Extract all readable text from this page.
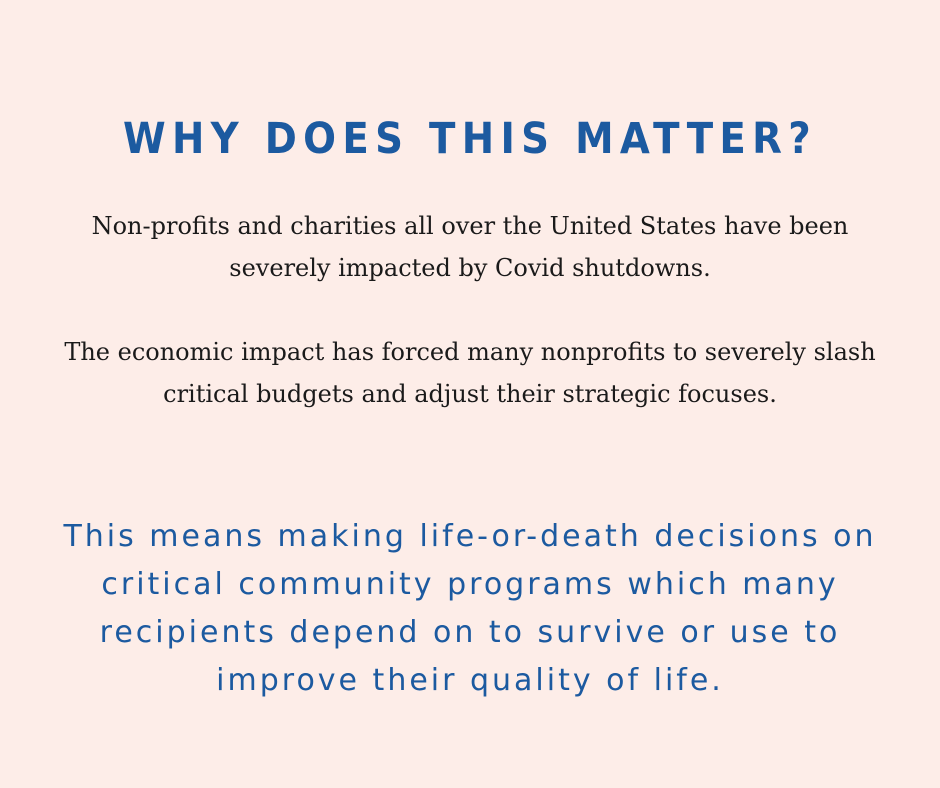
WHY DOES THIS MATTER?

Non-profits and charities all over the United States have been severely impacted by Covid shutdowns.

The economic impact has forced many nonprofits to severely slash critical budgets and adjust their strategic focuses.

This means making life-or-death decisions on critical community programs which many recipients depend on to survive or use to improve their quality of life.
